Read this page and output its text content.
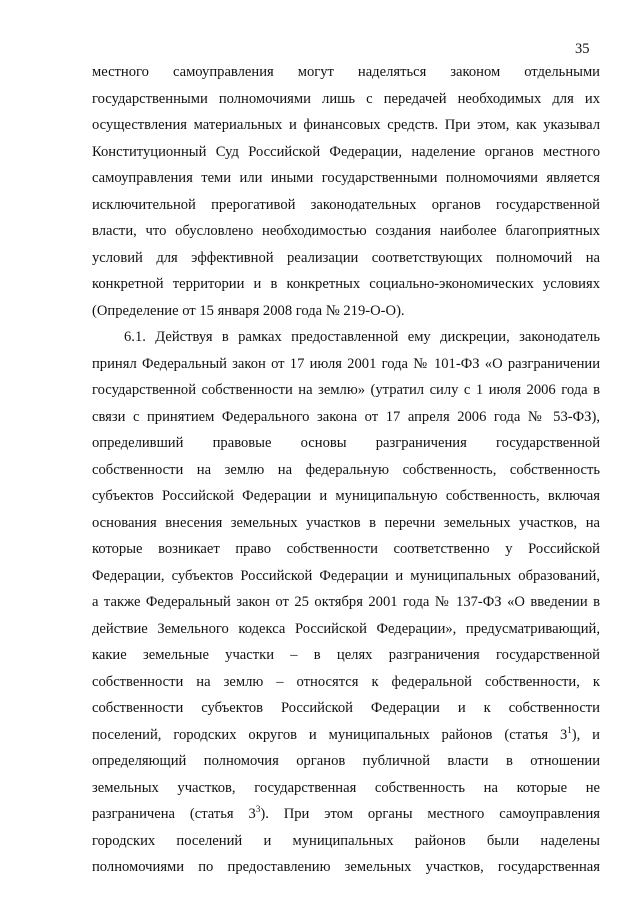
35
местного самоуправления могут наделяться законом отдельными
государственными полномочиями лишь с передачей необходимых для их
осуществления материальных и финансовых средств. При этом, как указывал
Конституционный Суд Российской Федерации, наделение органов местного
самоуправления теми или иными государственными полномочиями является
исключительной прерогативой законодательных органов государственной
власти, что обусловлено необходимостью создания наиболее благоприятных
условий для эффективной реализации соответствующих полномочий на
конкретной территории и в конкретных социально-экономических условиях
(Определение от 15 января 2008 года № 219-О-О).
6.1. Действуя в рамках предоставленной ему дискреции, законодатель
принял Федеральный закон от 17 июля 2001 года № 101-ФЗ «О разграничении
государственной собственности на землю» (утратил силу с 1 июля 2006 года в
связи с принятием Федерального закона от 17 апреля 2006 года № 53-ФЗ),
определивший правовые основы разграничения государственной
собственности на землю на федеральную собственность, собственность
субъектов Российской Федерации и муниципальную собственность, включая
основания внесения земельных участков в перечни земельных участков, на
которые возникает право собственности соответственно у Российской
Федерации, субъектов Российской Федерации и муниципальных образований,
а также Федеральный закон от 25 октября 2001 года № 137-ФЗ «О введении в
действие Земельного кодекса Российской Федерации», предусматривающий,
какие земельные участки – в целях разграничения государственной
собственности на землю – относятся к федеральной собственности, к
собственности субъектов Российской Федерации и к собственности
поселений, городских округов и муниципальных районов (статья $3^1$), и
определяющий полномочия органов публичной власти в отношении
земельных участков, государственная собственность на которые не
разграничена (статья $3^3$). При этом органы местного самоуправления
городских поселений и муниципальных районов были наделены
полномочиями по предоставлению земельных участков, государственная
